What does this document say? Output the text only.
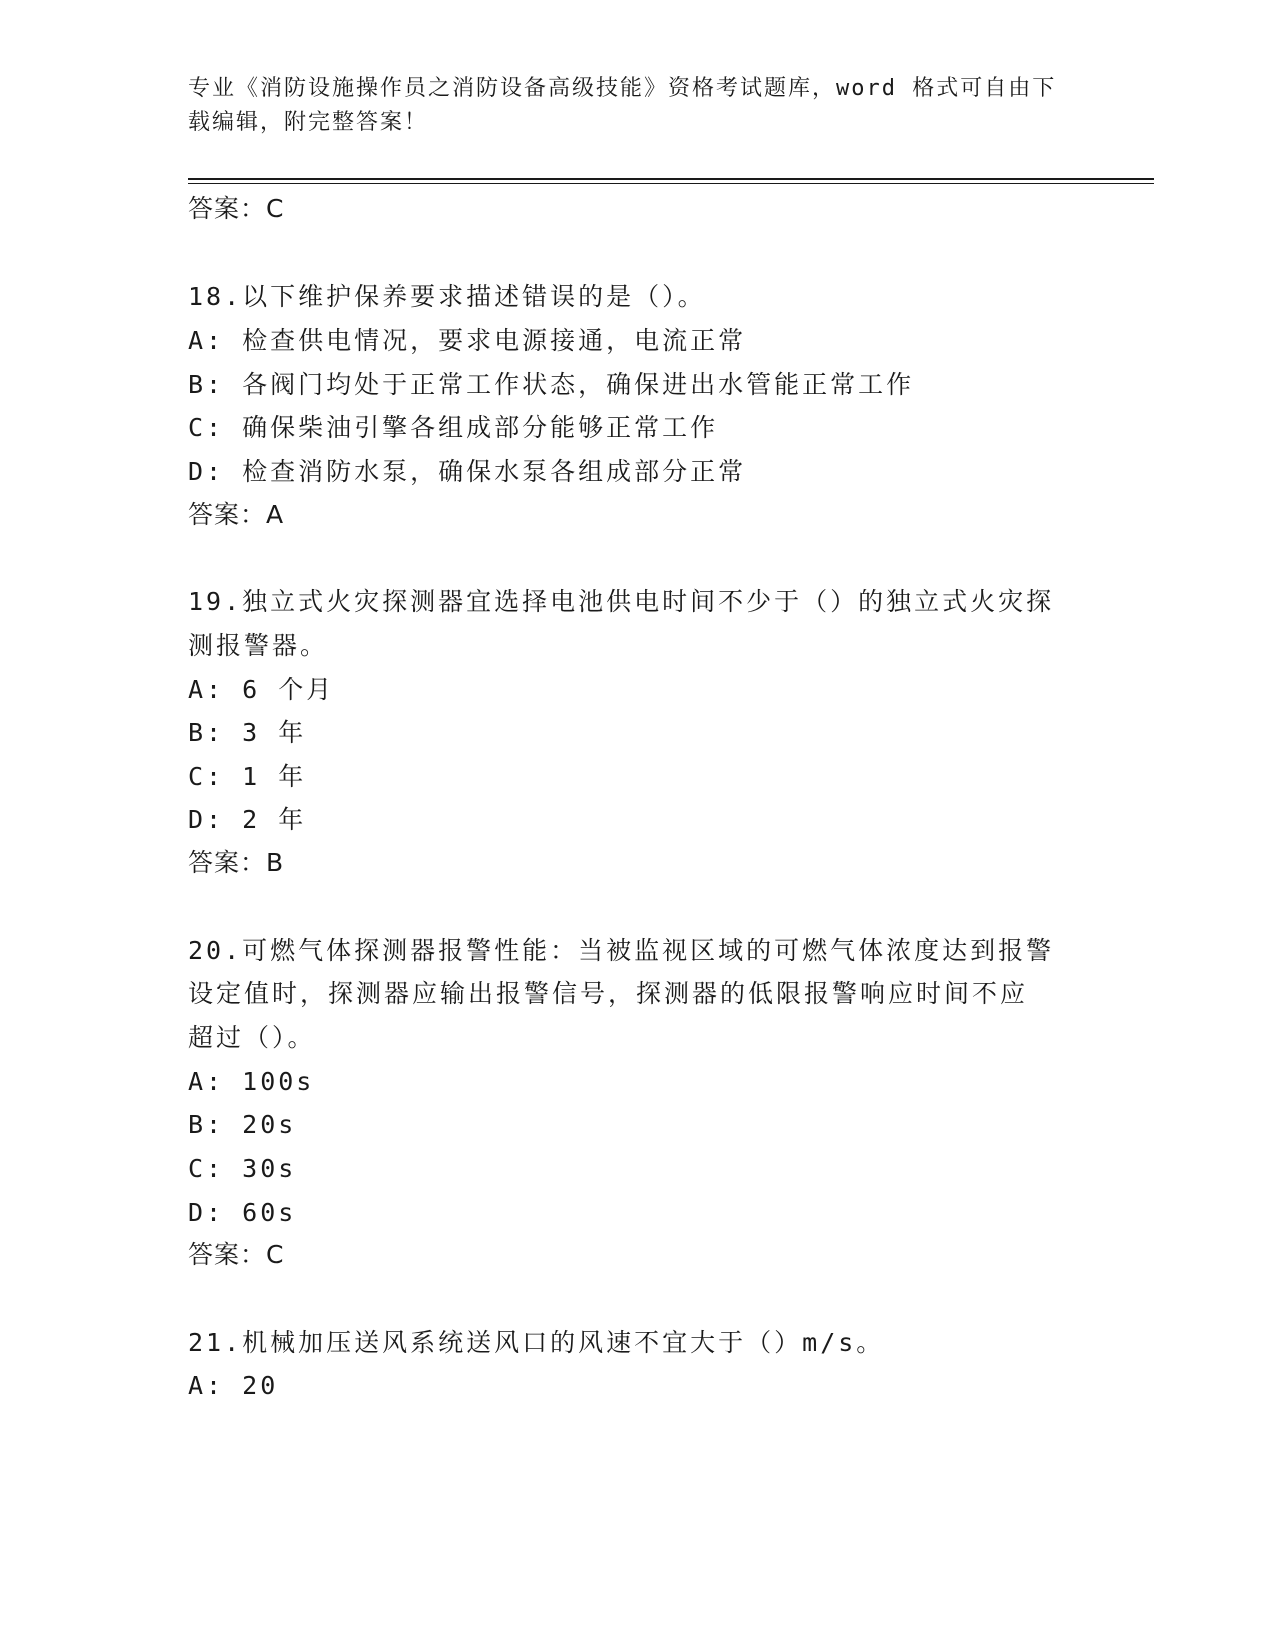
专业《消防设施操作员之消防设备高级技能》资格考试题库，word 格式可自由下
载编辑，附完整答案！
答案：C
18.以下维护保养要求描述错误的是（）。
A: 检查供电情况，要求电源接通，电流正常
B: 各阀门均处于正常工作状态，确保进出水管能正常工作
C: 确保柴油引擎各组成部分能够正常工作
D: 检查消防水泵，确保水泵各组成部分正常
答案：A
19.独立式火灾探测器宜选择电池供电时间不少于（）的独立式火灾探
测报警器。
A: 6 个月
B: 3 年
C: 1 年
D: 2 年
答案：B
20.可燃气体探测器报警性能：当被监视区域的可燃气体浓度达到报警
设定值时，探测器应输出报警信号，探测器的低限报警响应时间不应
超过（）。
A: 100s
B: 20s
C: 30s
D: 60s
答案：C
21.机械加压送风系统送风口的风速不宜大于（）m/s。
A: 20
